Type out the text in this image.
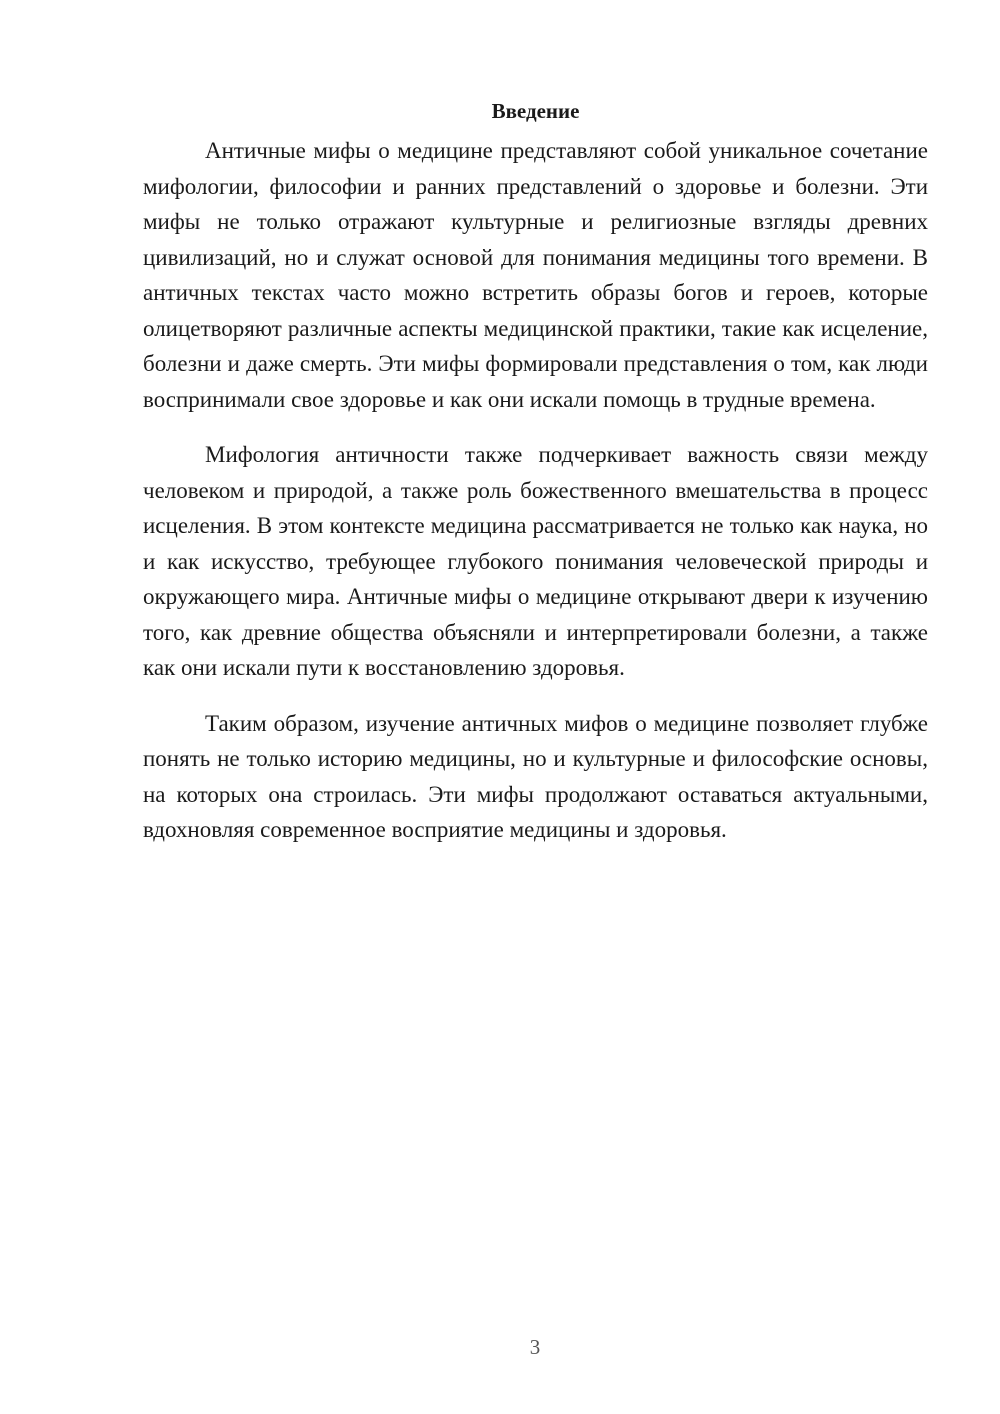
Введение

Античные мифы о медицине представляют собой уникальное сочетание мифологии, философии и ранних представлений о здоровье и болезни. Эти мифы не только отражают культурные и религиозные взгляды древних цивилизаций, но и служат основой для понимания медицины того времени. В античных текстах часто можно встретить образы богов и героев, которые олицетворяют различные аспекты медицинской практики, такие как исцеление, болезни и даже смерть. Эти мифы формировали представления о том, как люди воспринимали свое здоровье и как они искали помощь в трудные времена.

Мифология античности также подчеркивает важность связи между человеком и природой, а также роль божественного вмешательства в процесс исцеления. В этом контексте медицина рассматривается не только как наука, но и как искусство, требующее глубокого понимания человеческой природы и окружающего мира. Античные мифы о медицине открывают двери к изучению того, как древние общества объясняли и интерпретировали болезни, а также как они искали пути к восстановлению здоровья.

Таким образом, изучение античных мифов о медицине позволяет глубже понять не только историю медицины, но и культурные и философские основы, на которых она строилась. Эти мифы продолжают оставаться актуальными, вдохновляя современное восприятие медицины и здоровья.

3
